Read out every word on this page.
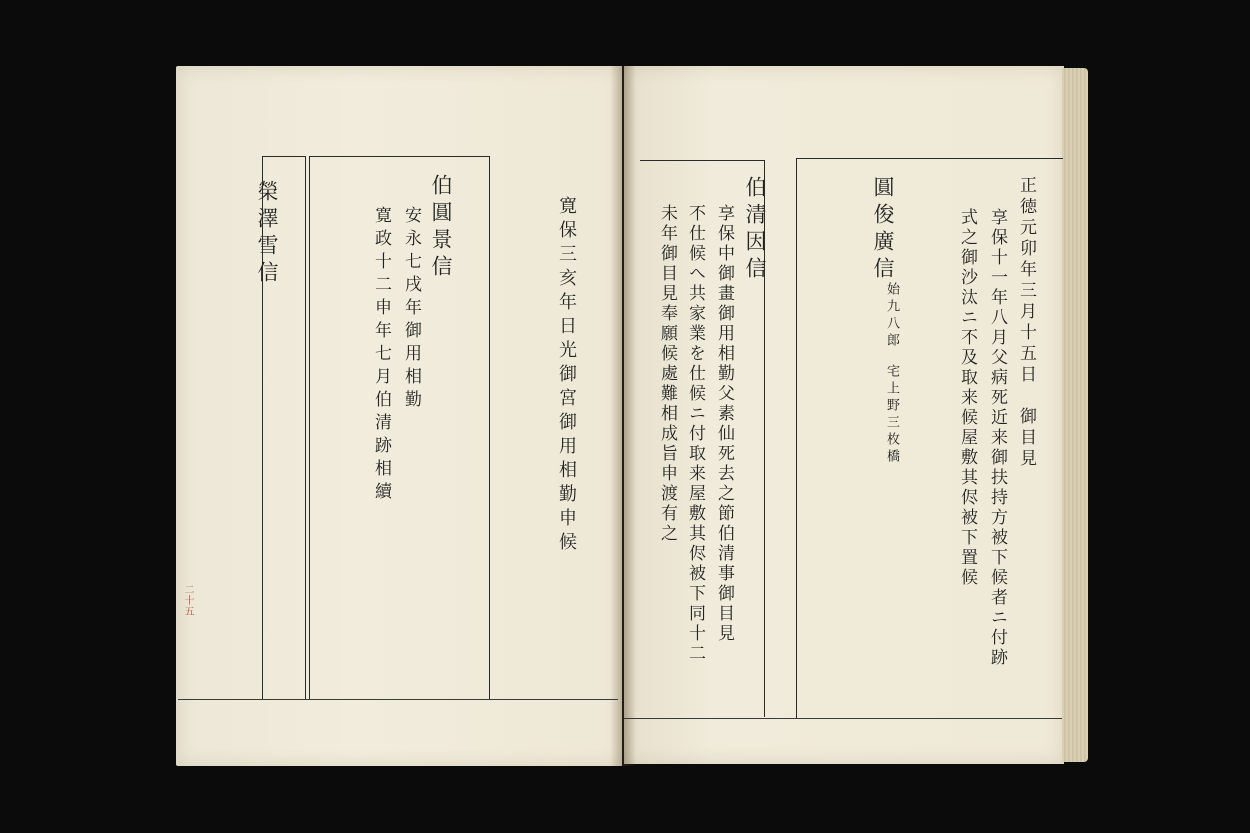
榮澤雪信	伯圓景信
安永七戌年御用相勤
寛政十二申年七月伯清跡相續	寛保三亥年日光御宮御用相勤申候
二十五
伯清因信
享保中御畫御用相勤父素仙死去之節伯清事御目見
不仕候へ共家業を仕候ニ付取来屋敷其侭被下同十二
未年御目見奉願候處難相成旨申渡有之	圓俊廣信
始九八郎
宅上野三枚橋	正徳元卯年三月十五日　御目見
享保十一年八月父病死近来御扶持方被下候者ニ付跡
式之御沙汰ニ不及取来候屋敷其侭被下置候
